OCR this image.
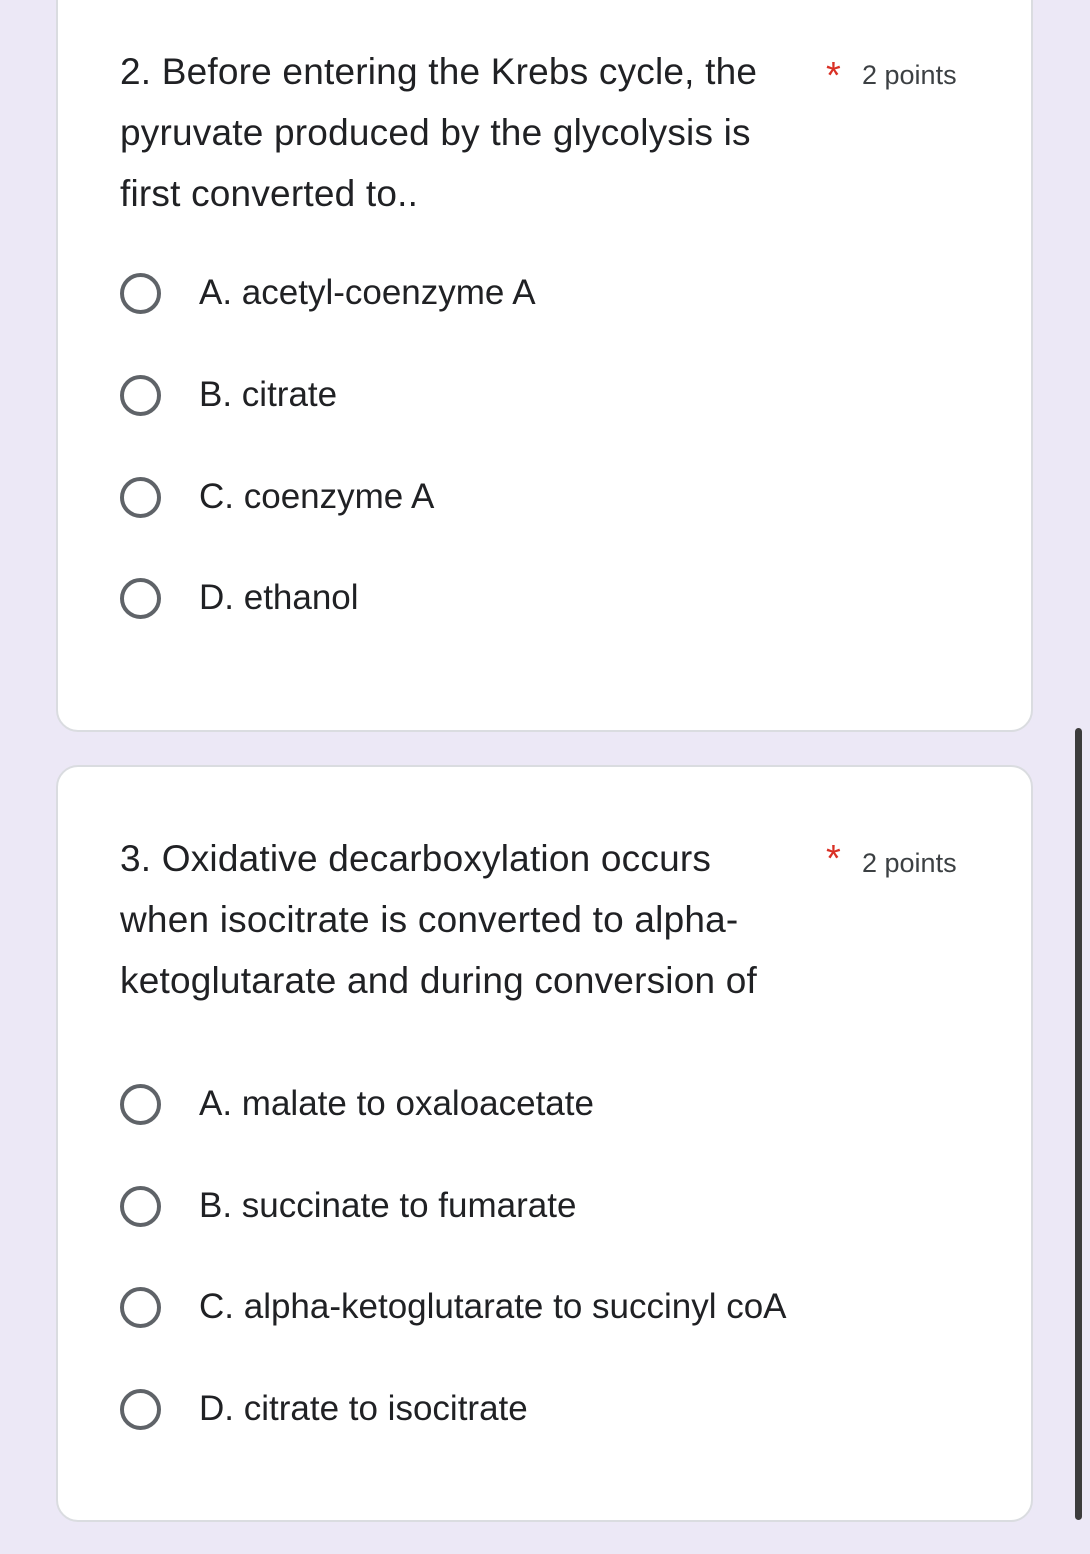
2. Before entering the Krebs cycle, the pyruvate produced by the glycolysis is first converted to..
* 2 points
A. acetyl-coenzyme A
B. citrate
C. coenzyme A
D. ethanol
3. Oxidative decarboxylation occurs when isocitrate is converted to alpha-ketoglutarate and during conversion of
* 2 points
A. malate to oxaloacetate
B. succinate to fumarate
C. alpha-ketoglutarate to succinyl coA
D. citrate to isocitrate
